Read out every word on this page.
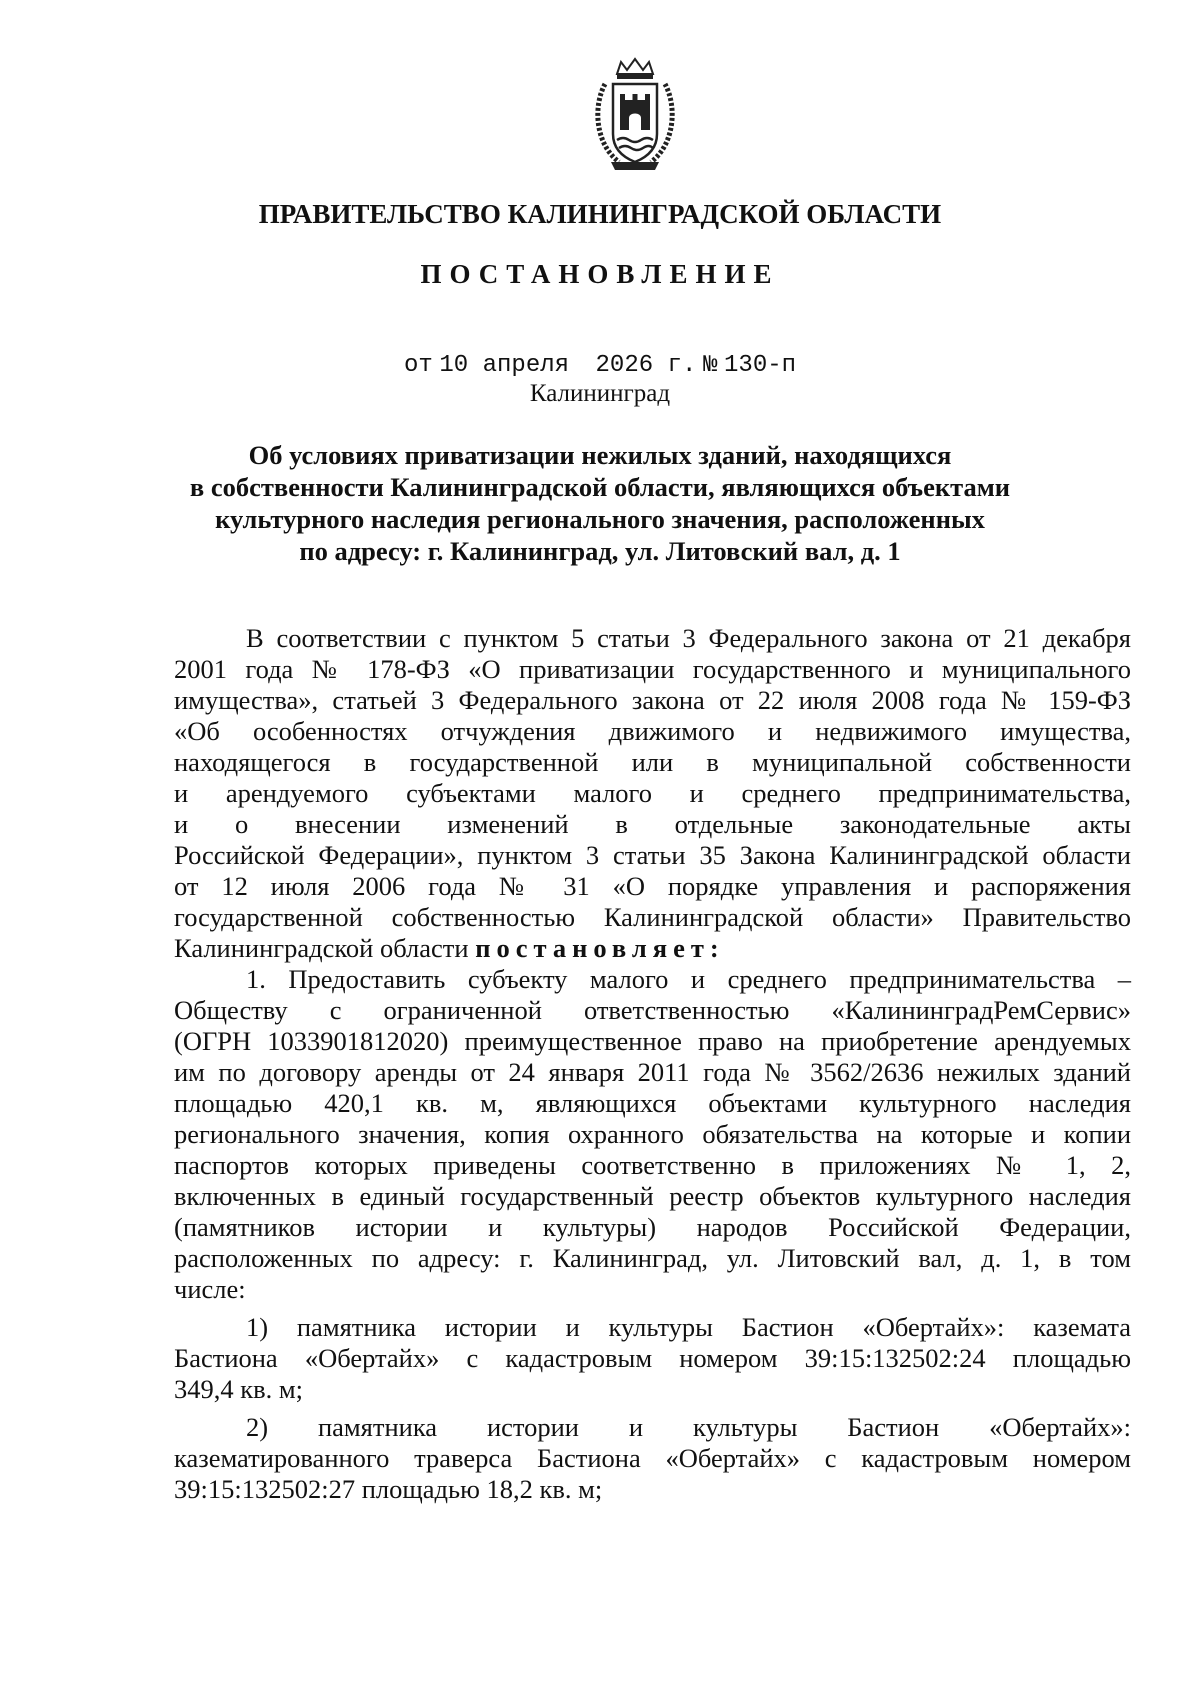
ПРАВИТЕЛЬСТВО КАЛИНИНГРАДСКОЙ ОБЛАСТИ

ПОСТАНОВЛЕНИЕ

от 10 апреля 2026 г. № 130-п

Калининград

Об условиях приватизации нежилых зданий, находящихся

в собственности Калининградской области, являющихся объектами

культурного наследия регионального значения, расположенных

по адресу: г. Калининград, ул. Литовский вал, д. 1

В соответствии с пунктом 5 статьи 3 Федерального закона от 21 декабря

2001 года № 178-ФЗ «О приватизации государственного и муниципального

имущества», статьей 3 Федерального закона от 22 июля 2008 года № 159-ФЗ

«Об особенностях отчуждения движимого и недвижимого имущества,

находящегося в государственной или в муниципальной собственности

и арендуемого субъектами малого и среднего предпринимательства,

и о внесении изменений в отдельные законодательные акты

Российской Федерации», пунктом 3 статьи 35 Закона Калининградской области

от 12 июля 2006 года № 31 «О порядке управления и распоряжения

государственной собственностью Калининградской области» Правительство

Калининградской области постановляет:

1. Предоставить субъекту малого и среднего предпринимательства –

Обществу с ограниченной ответственностью «КалининградРемСервис»

(ОГРН 1033901812020) преимущественное право на приобретение арендуемых

им по договору аренды от 24 января 2011 года № 3562/2636 нежилых зданий

площадью 420,1 кв. м, являющихся объектами культурного наследия

регионального значения, копия охранного обязательства на которые и копии

паспортов которых приведены соответственно в приложениях № 1, 2,

включенных в единый государственный реестр объектов культурного наследия

(памятников истории и культуры) народов Российской Федерации,

расположенных по адресу: г. Калининград, ул. Литовский вал, д. 1, в том

числе:

1) памятника истории и культуры Бастион «Обертайх»: каземата

Бастиона «Обертайх» с кадастровым номером 39:15:132502:24 площадью

349,4 кв. м;

2) памятника истории и культуры Бастион «Обертайх»:

казематированного траверса Бастиона «Обертайх» с кадастровым номером

39:15:132502:27 площадью 18,2 кв. м;
